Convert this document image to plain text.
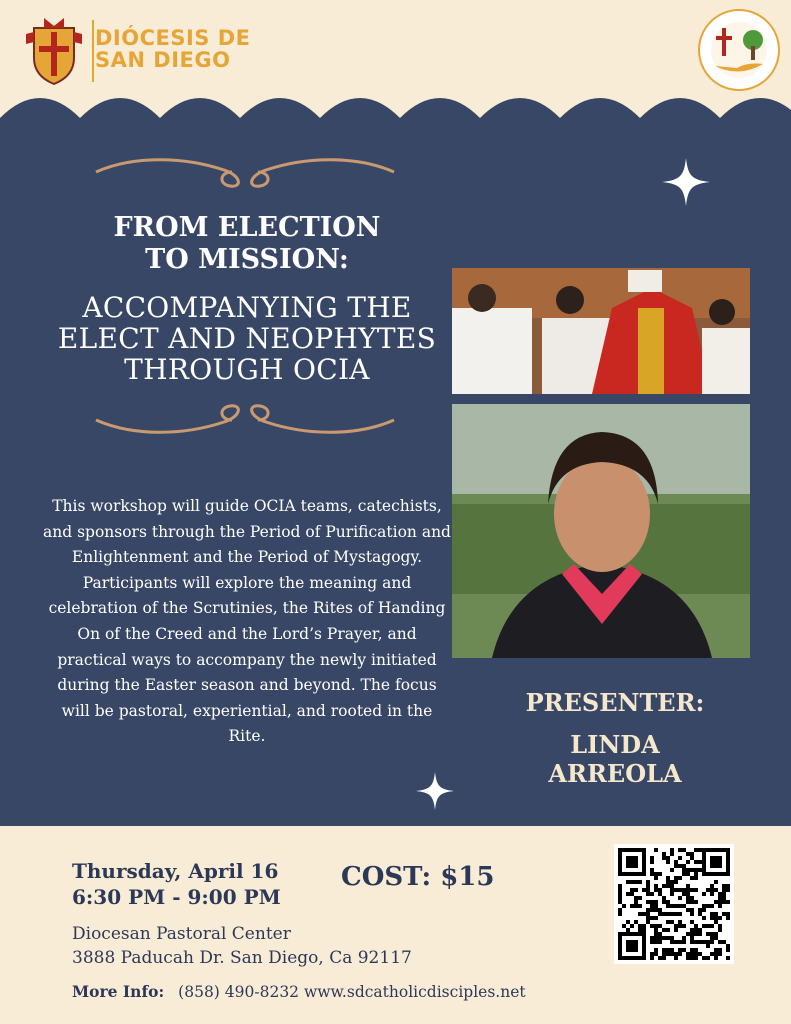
DIÓCESIS DE
SAN DIEGO
FROM ELECTION
TO MISSION:
ACCOMPANYING THE
ELECT AND NEOPHYTES
THROUGH OCIA
This workshop will guide OCIA teams, catechists, and sponsors through the Period of Purification and Enlightenment and the Period of Mystagogy. Participants will explore the meaning and celebration of the Scrutinies, the Rites of Handing On of the Creed and the Lord’s Prayer, and practical ways to accompany the newly initiated during the Easter season and beyond. The focus will be pastoral, experiential, and rooted in the Rite.
PRESENTER:
LINDA
ARREOLA
Thursday, April 16
6:30 PM - 9:00 PM
COST: $15
Diocesan Pastoral Center
3888 Paducah Dr. San Diego, Ca 92117
More Info: (858) 490-8232 www.sdcatholicdisciples.net
